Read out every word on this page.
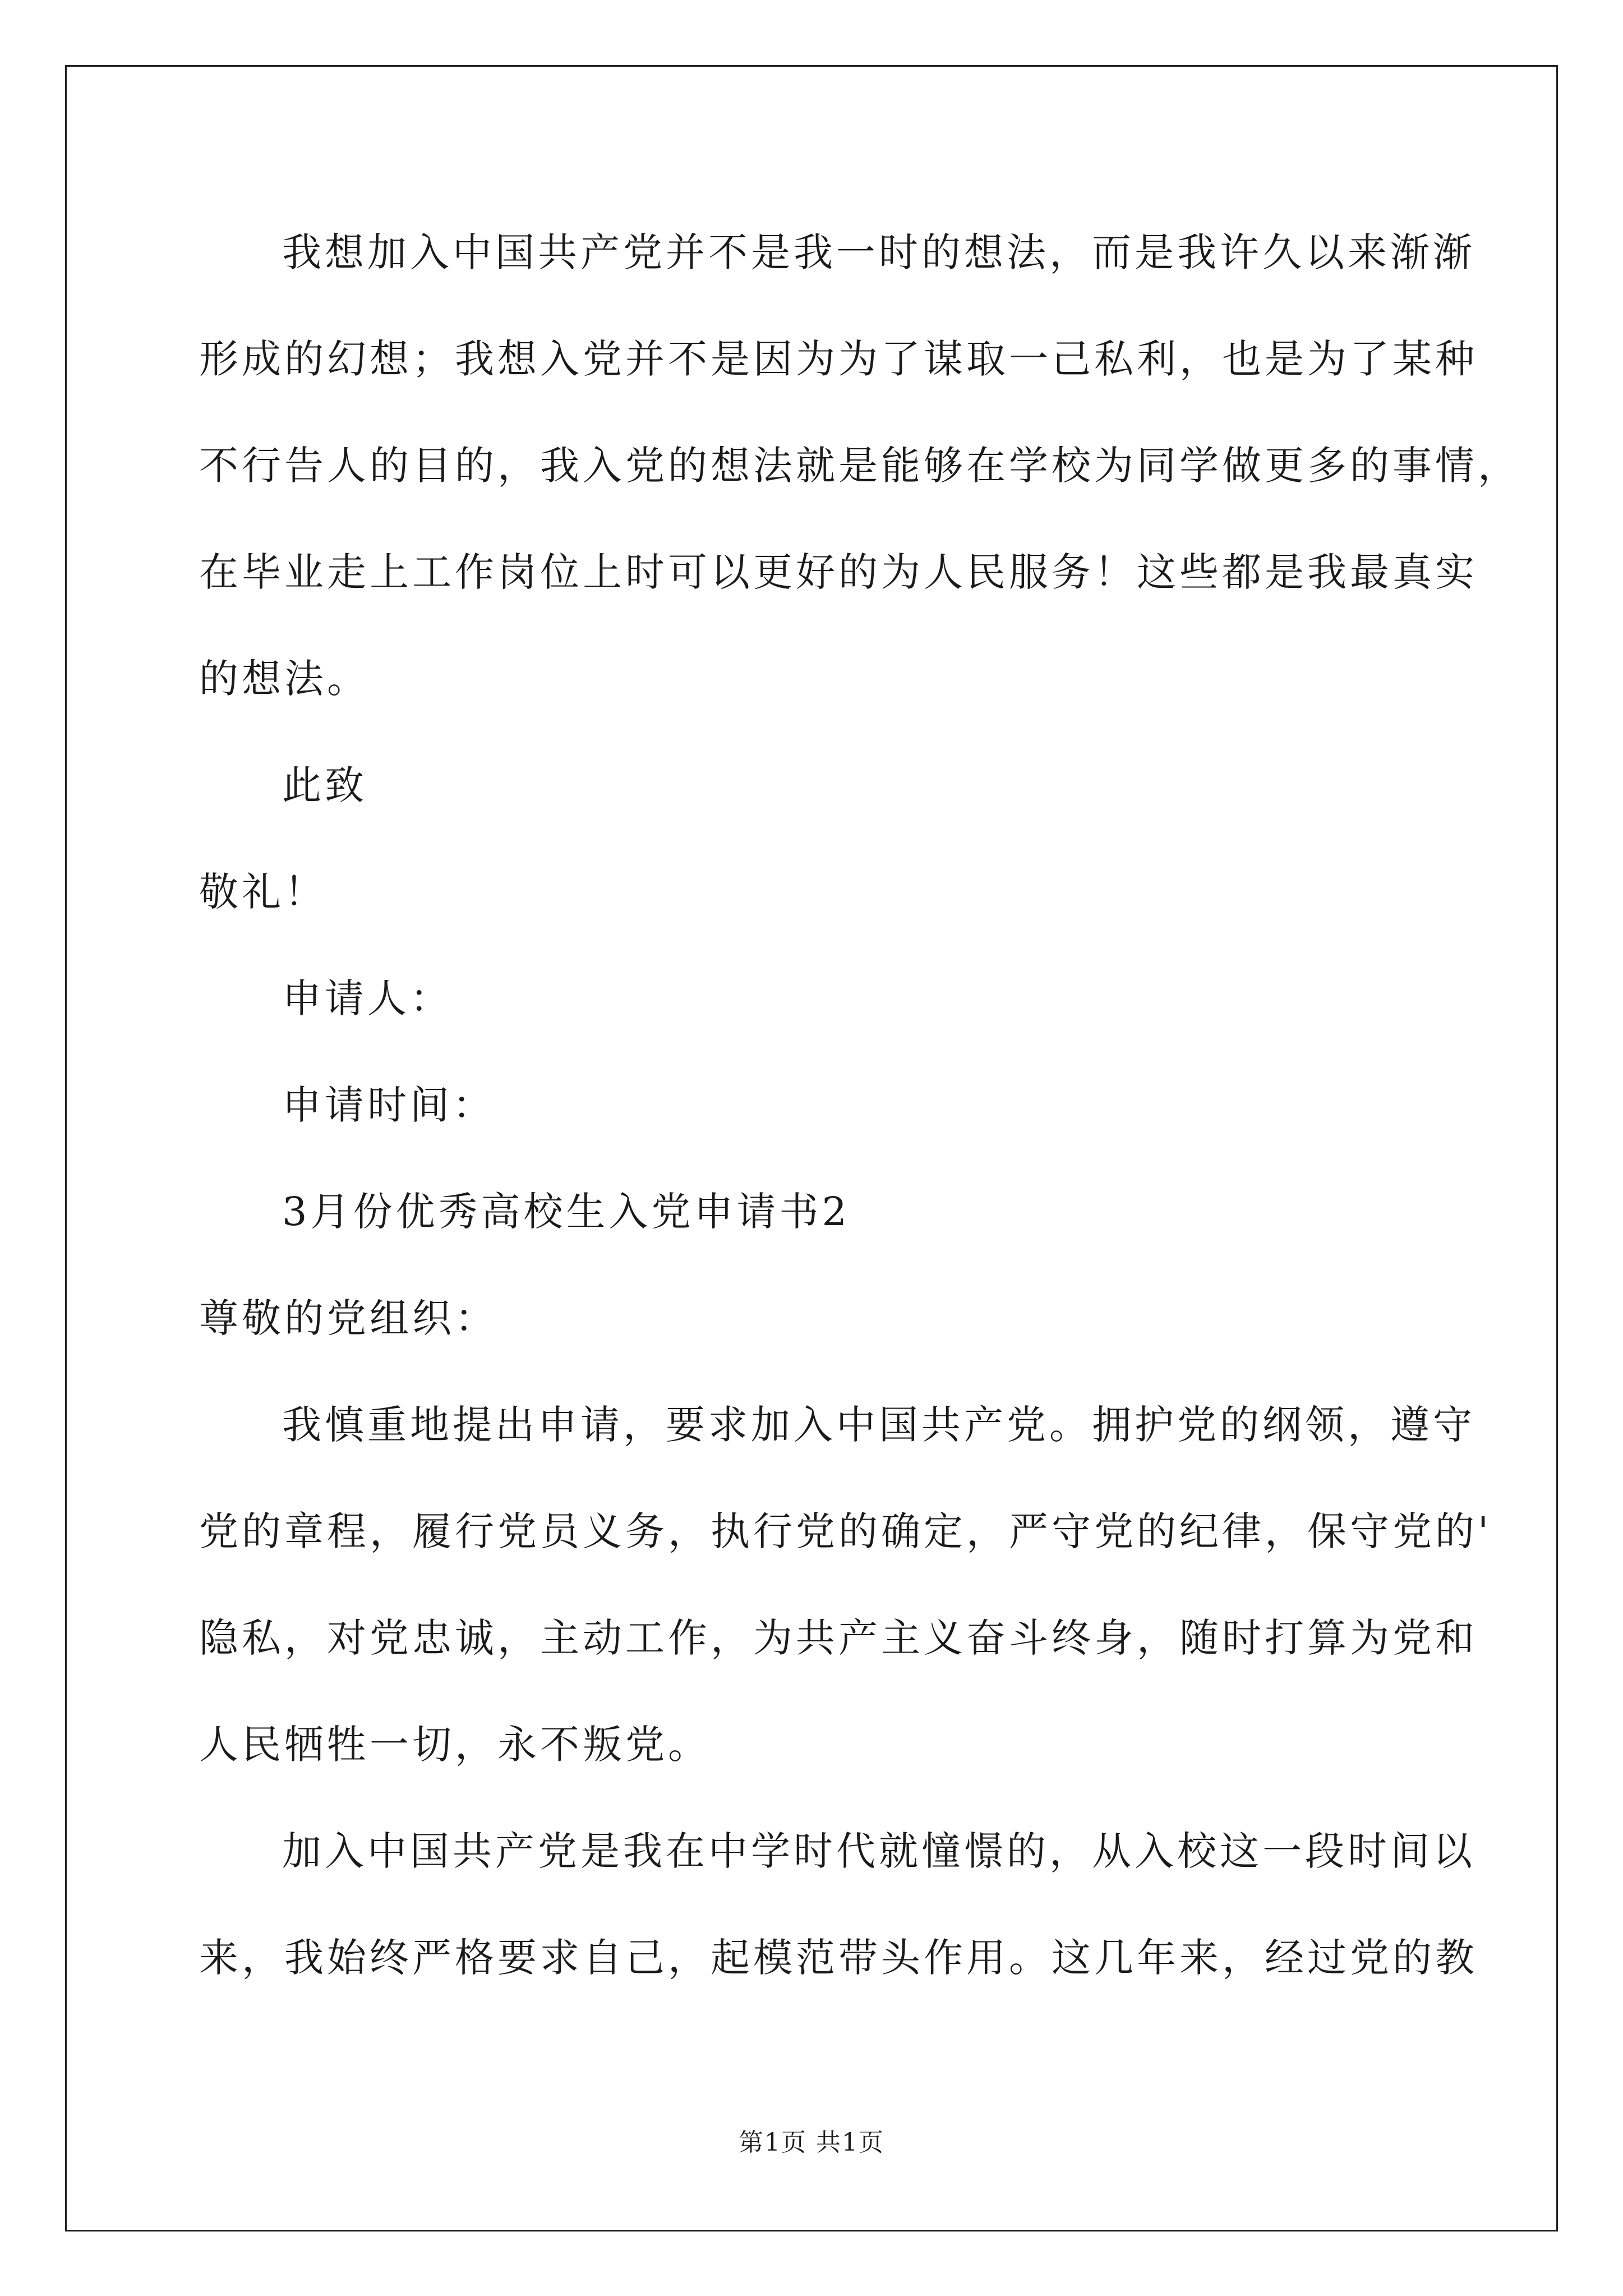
我想加入中国共产党并不是我一时的想法，而是我许久以来渐渐
形成的幻想；我想入党并不是因为为了谋取一己私利，也是为了某种
不行告人的目的，我入党的想法就是能够在学校为同学做更多的事情，
在毕业走上工作岗位上时可以更好的为人民服务！这些都是我最真实
的想法。
此致
敬礼！
申请人：
申请时间：
3月份优秀高校生入党申请书2
尊敬的党组织：
我慎重地提出申请，要求加入中国共产党。拥护党的纲领，遵守
党的章程，履行党员义务，执行党的确定，严守党的纪律，保守党的'
隐私，对党忠诚，主动工作，为共产主义奋斗终身，随时打算为党和
人民牺牲一切，永不叛党。
加入中国共产党是我在中学时代就憧憬的，从入校这一段时间以
来，我始终严格要求自己，起模范带头作用。这几年来，经过党的教
第1页 共1页
